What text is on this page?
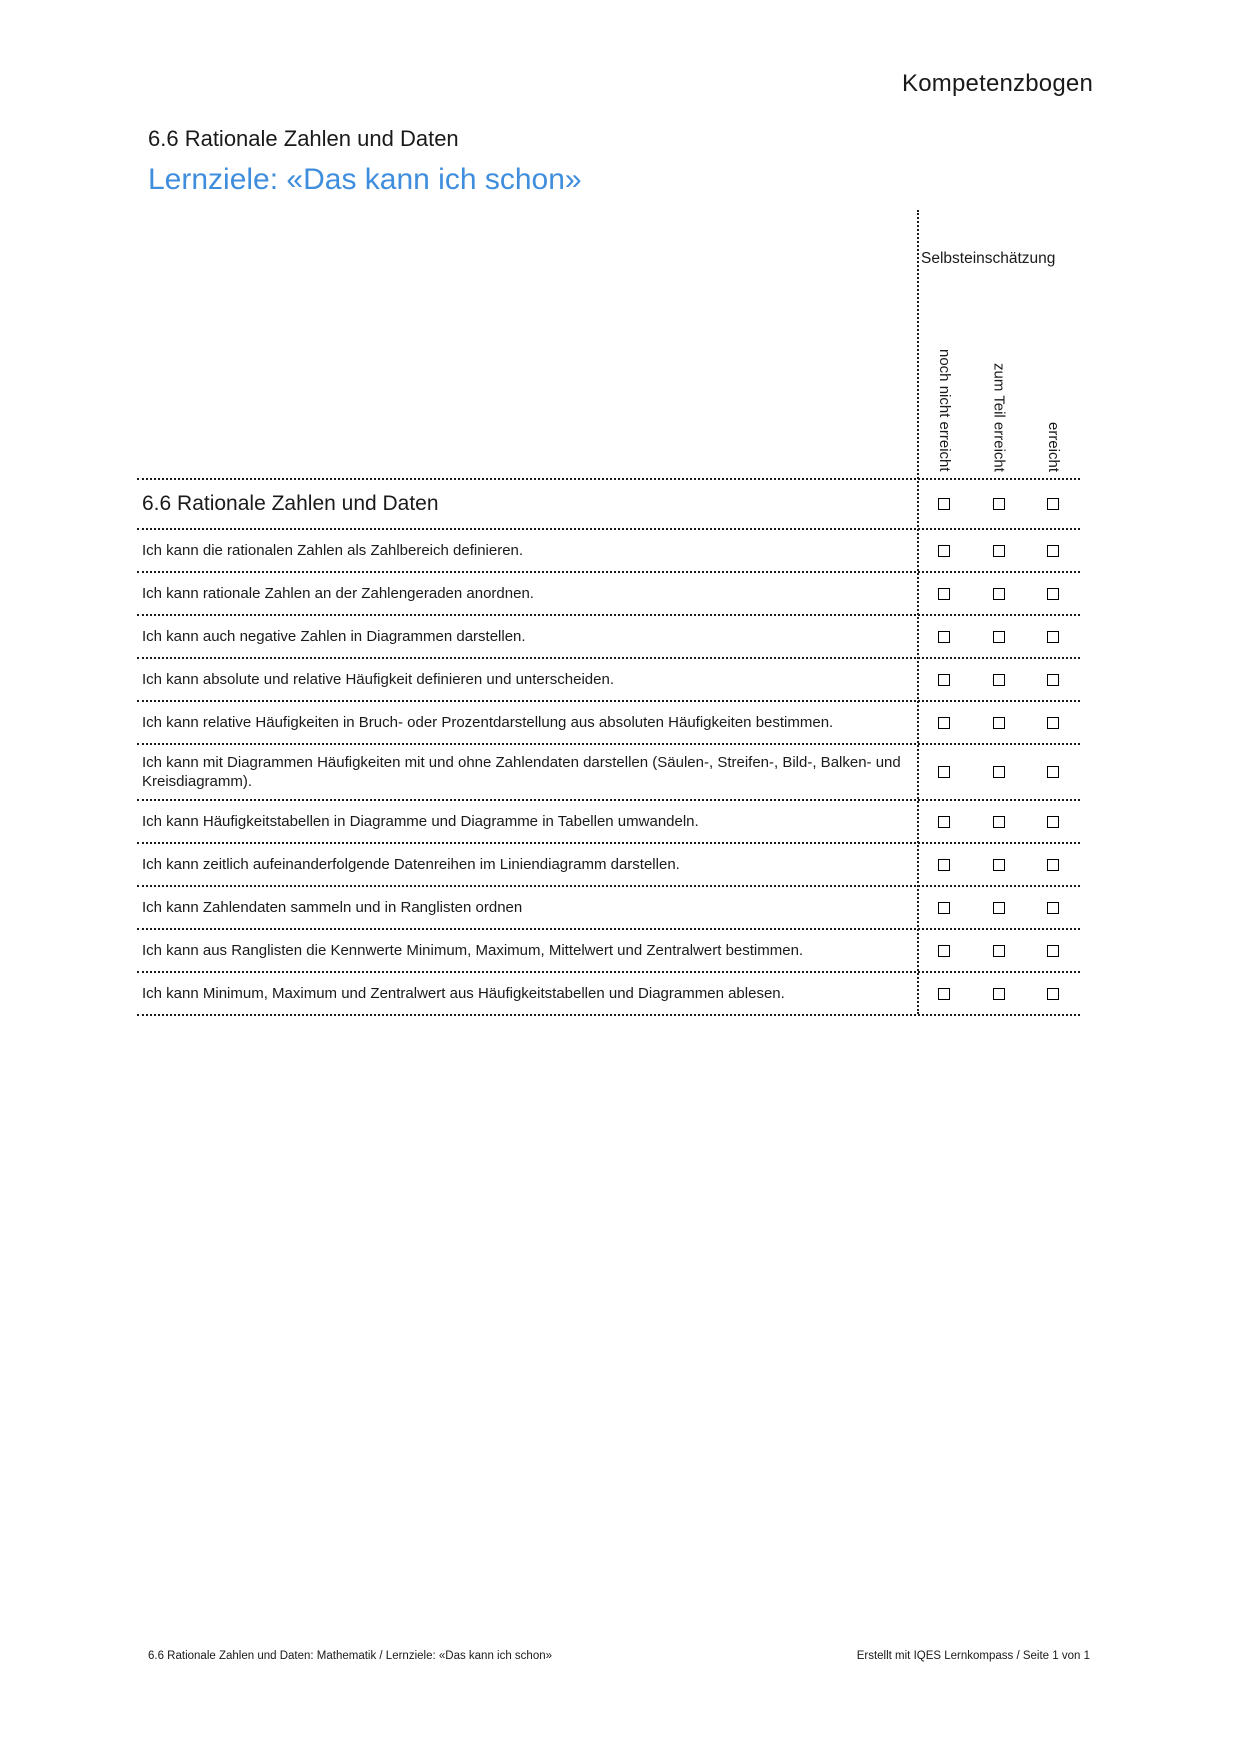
Kompetenzbogen
6.6 Rationale Zahlen und Daten
Lernziele: «Das kann ich schon»
Selbsteinschätzung
noch nicht erreicht zum Teil erreicht erreicht
6.6 Rationale Zahlen und Daten
Ich kann die rationalen Zahlen als Zahlbereich definieren.
Ich kann rationale Zahlen an der Zahlengeraden anordnen.
Ich kann auch negative Zahlen in Diagrammen darstellen.
Ich kann absolute und relative Häufigkeit definieren und unterscheiden.
Ich kann relative Häufigkeiten in Bruch- oder Prozentdarstellung aus absoluten Häufigkeiten bestimmen.
Ich kann mit Diagrammen Häufigkeiten mit und ohne Zahlendaten darstellen (Säulen-, Streifen-, Bild-, Balken- und Kreisdiagramm).
Ich kann Häufigkeitstabellen in Diagramme und Diagramme in Tabellen umwandeln.
Ich kann zeitlich aufeinanderfolgende Datenreihen im Liniendiagramm darstellen.
Ich kann Zahlendaten sammeln und in Ranglisten ordnen
Ich kann aus Ranglisten die Kennwerte Minimum, Maximum, Mittelwert und Zentralwert bestimmen.
Ich kann Minimum, Maximum und Zentralwert aus Häufigkeitstabellen und Diagrammen ablesen.
6.6 Rationale Zahlen und Daten: Mathematik / Lernziele: «Das kann ich schon»	Erstellt mit IQES Lernkompass / Seite 1 von 1
